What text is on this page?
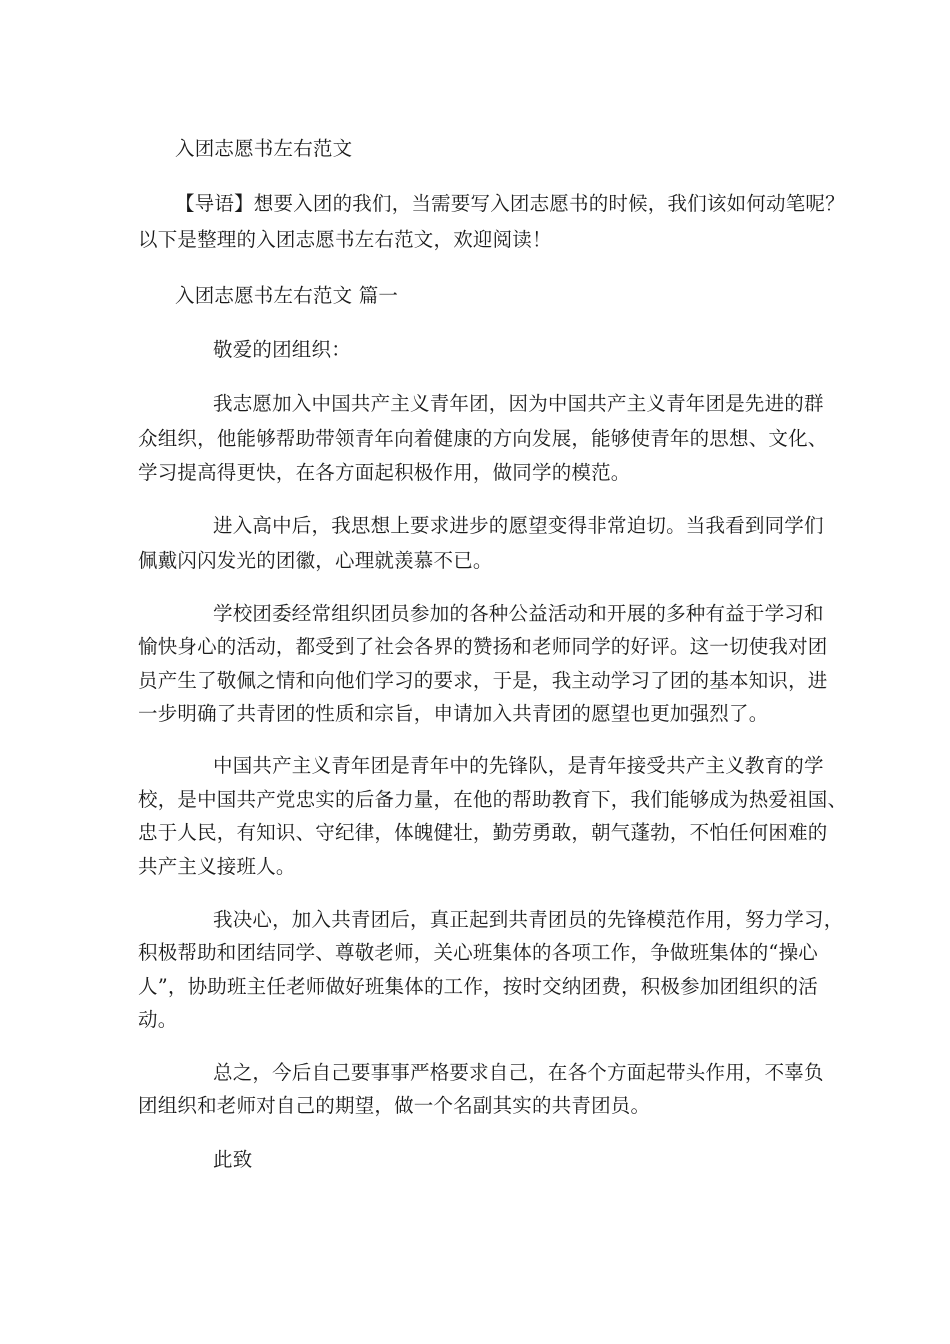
入团志愿书左右范文
【导语】想要入团的我们，当需要写入团志愿书的时候，我们该如何动笔呢？
以下是整理的入团志愿书左右范文，欢迎阅读！
入团志愿书左右范文 篇一
敬爱的团组织：
我志愿加入中国共产主义青年团，因为中国共产主义青年团是先进的群
众组织，他能够帮助带领青年向着健康的方向发展，能够使青年的思想、文化、
学习提高得更快，在各方面起积极作用，做同学的模范。
进入高中后，我思想上要求进步的愿望变得非常迫切。当我看到同学们
佩戴闪闪发光的团徽，心理就羡慕不已。
学校团委经常组织团员参加的各种公益活动和开展的多种有益于学习和
愉快身心的活动，都受到了社会各界的赞扬和老师同学的好评。这一切使我对团
员产生了敬佩之情和向他们学习的要求，于是，我主动学习了团的基本知识，进
一步明确了共青团的性质和宗旨，申请加入共青团的愿望也更加强烈了。
中国共产主义青年团是青年中的先锋队，是青年接受共产主义教育的学
校，是中国共产党忠实的后备力量，在他的帮助教育下，我们能够成为热爱祖国、
忠于人民，有知识、守纪律，体魄健壮，勤劳勇敢，朝气蓬勃，不怕任何困难的
共产主义接班人。
我决心，加入共青团后，真正起到共青团员的先锋模范作用，努力学习，
积极帮助和团结同学、尊敬老师，关心班集体的各项工作，争做班集体的“操心
人”，协助班主任老师做好班集体的工作，按时交纳团费，积极参加团组织的活
动。
总之，今后自己要事事严格要求自己，在各个方面起带头作用，不辜负
团组织和老师对自己的期望，做一个名副其实的共青团员。
此致
